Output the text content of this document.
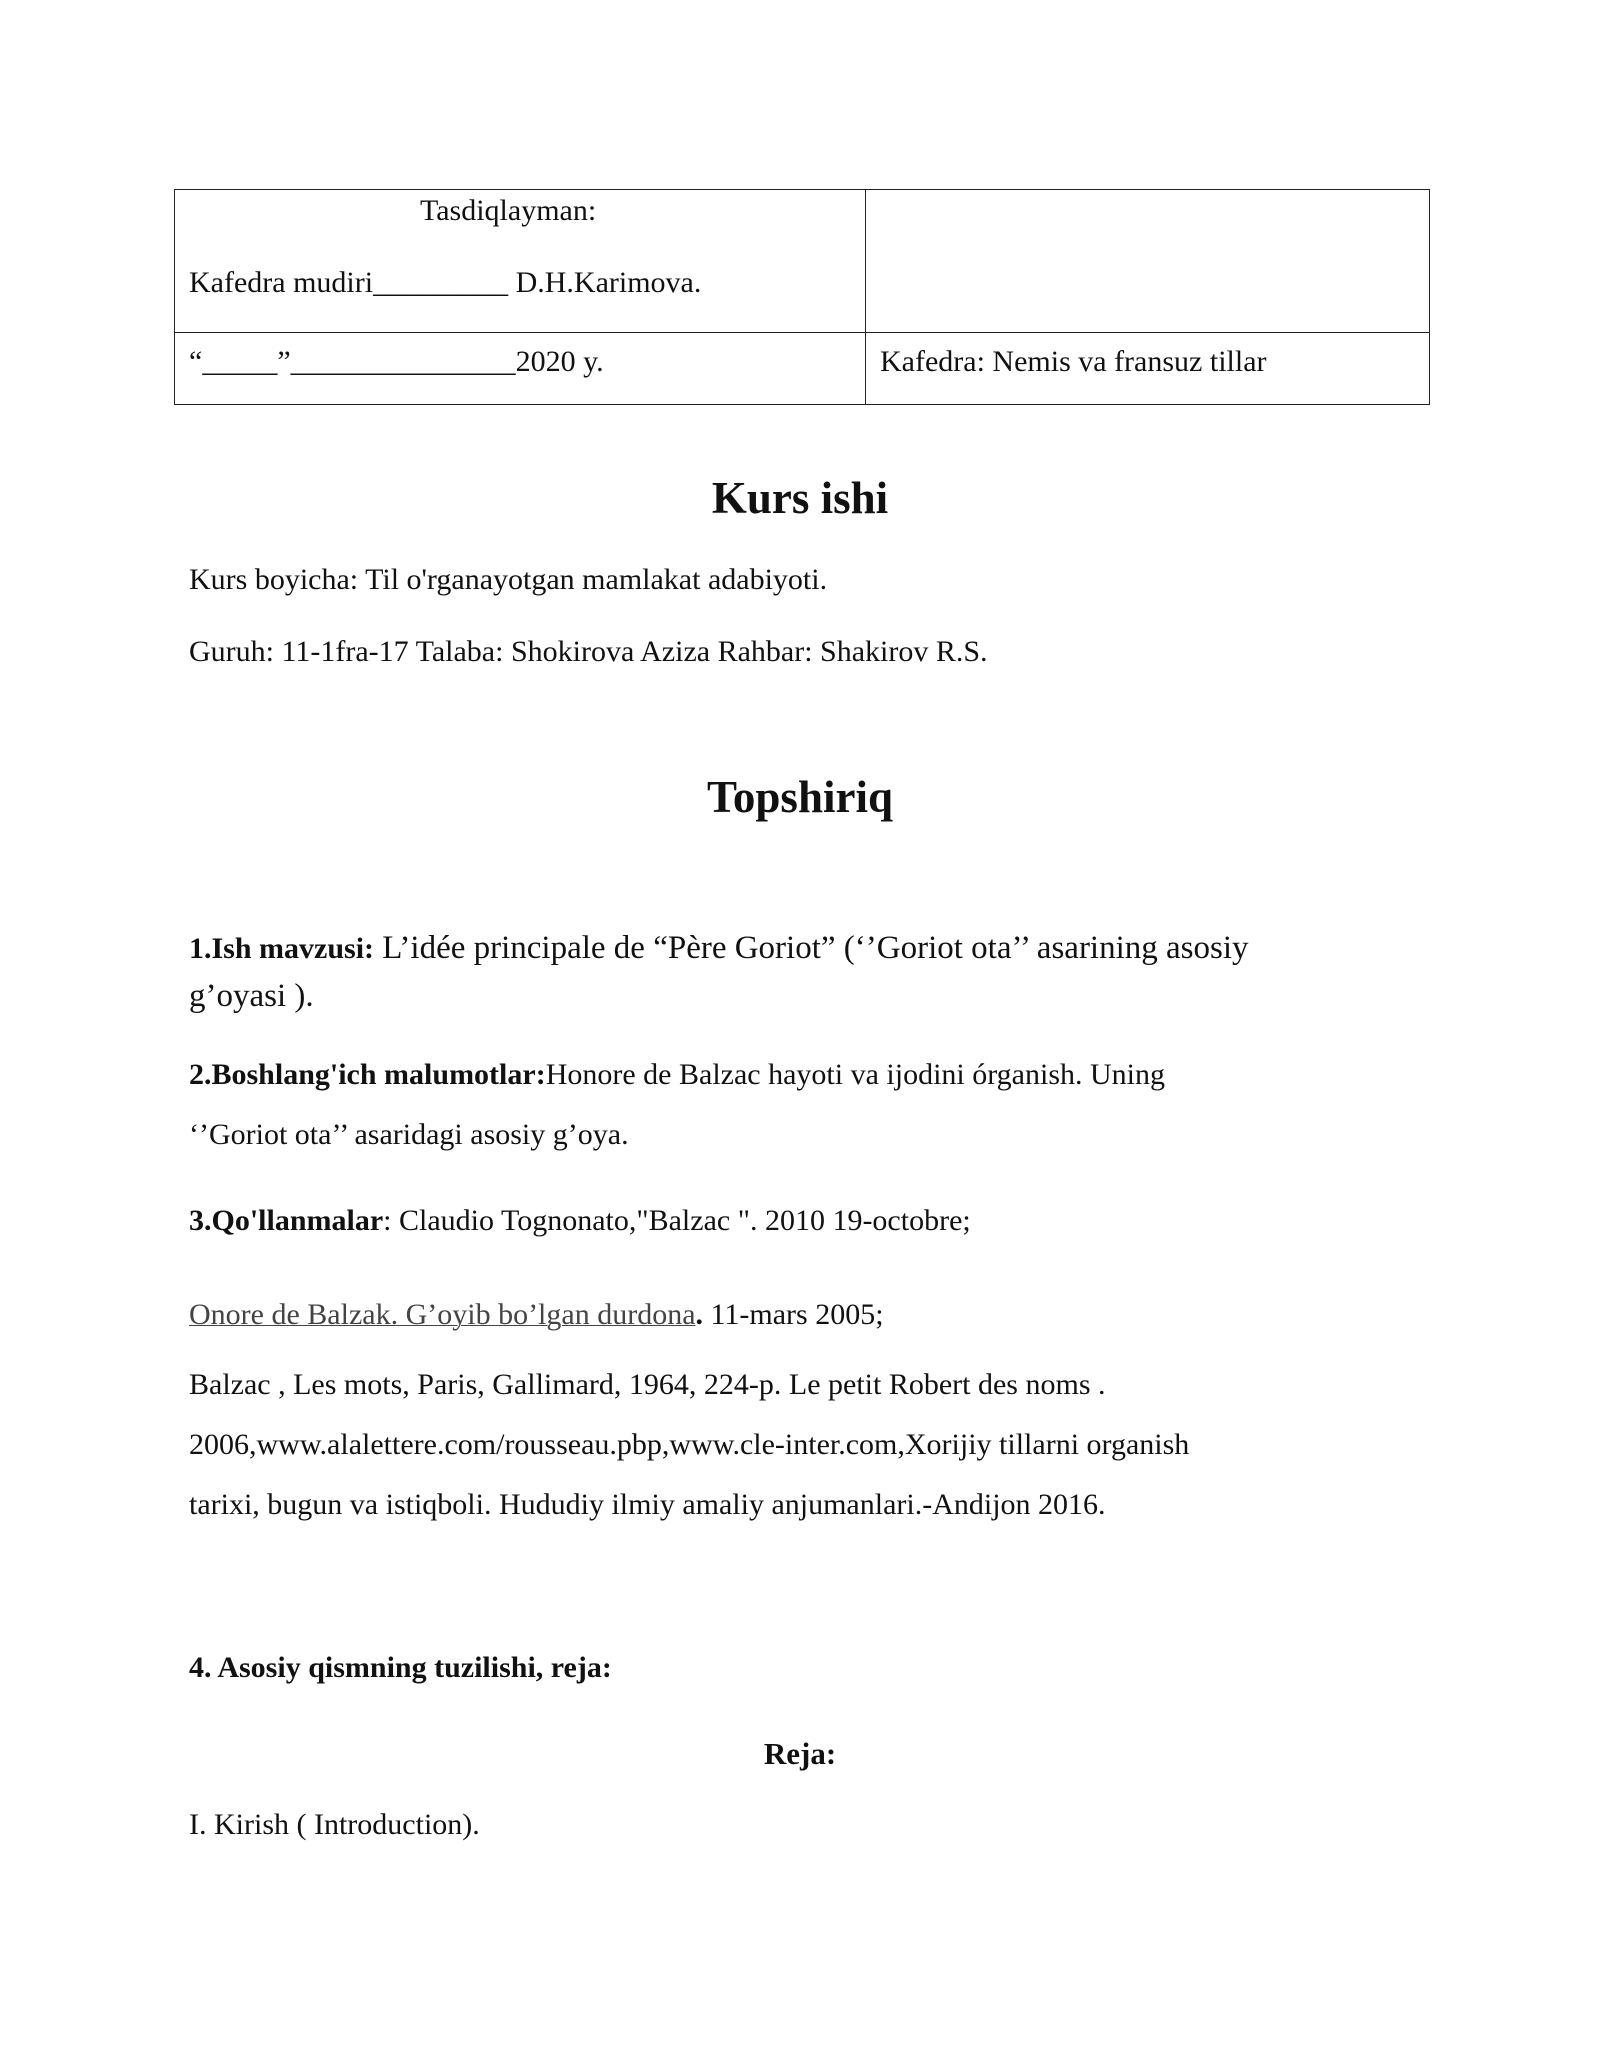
Tasdiqlayman:
Kafedra mudiri_________ D.H.Karimova.
“_____”_______________2020 y.	Kafedra: Nemis va fransuz tillar
Kurs ishi
Kurs boyicha: Til o'rganayotgan mamlakat adabiyoti.
Guruh: 11-1fra-17 Talaba: Shokirova Aziza Rahbar: Shakirov R.S.
Topshiriq
1.Ish mavzusi: L’idée principale de “Père Goriot” (‘’Goriot ota’’ asarining asosiy
g’oyasi ).
2.Boshlang'ich malumotlar:Honore de Balzac hayoti va ijodini órganish. Uning
‘’Goriot ota’’ asaridagi asosiy g’oya.
3.Qo'llanmalar: Claudio Tognonato,"Balzac ". 2010 19-octobre;
Onore de Balzak. G’oyib bo’lgan durdona. 11-mars 2005;
Balzac , Les mots, Paris, Gallimard, 1964, 224-p. Le petit Robert des noms .
2006,www.alalettere.com/rousseau.pbp,www.cle-inter.com,Xorijiy tillarni organish
tarixi, bugun va istiqboli. Hududiy ilmiy amaliy anjumanlari.-Andijon 2016.
4. Asosiy qismning tuzilishi, reja:
Reja:
I. Kirish ( Introduction).
